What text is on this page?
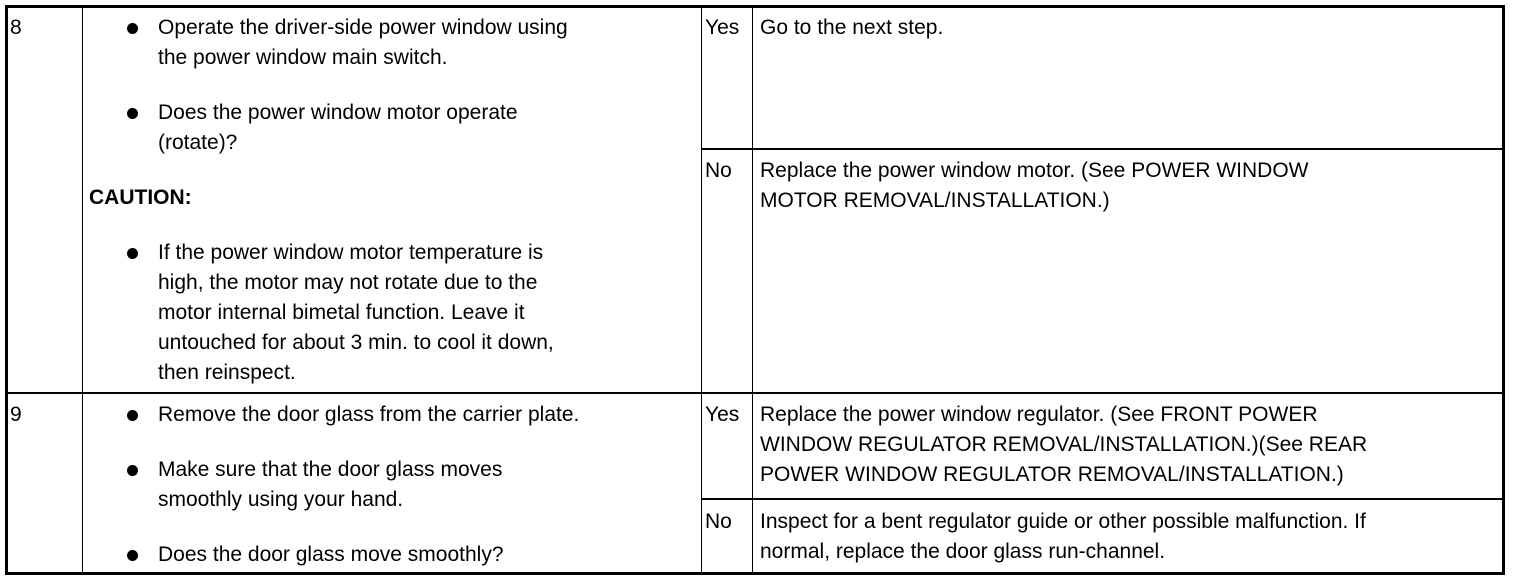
8	Operate the driver-side power window using
the power window main switch.
Does the power window motor operate
(rotate)?
CAUTION:
If the power window motor temperature is
high, the motor may not rotate due to the
motor internal bimetal function. Leave it
untouched for about 3 min. to cool it down,
then reinspect.
Yes Go to the next step.
No Replace the power window motor. (See POWER WINDOW
MOTOR REMOVAL/INSTALLATION.)
9	Remove the door glass from the carrier plate.
Make sure that the door glass moves
smoothly using your hand.
Does the door glass move smoothly?
Yes Replace the power window regulator. (See FRONT POWER
WINDOW REGULATOR REMOVAL/INSTALLATION.)(See REAR
POWER WINDOW REGULATOR REMOVAL/INSTALLATION.)
No Inspect for a bent regulator guide or other possible malfunction. If
normal, replace the door glass run-channel.
